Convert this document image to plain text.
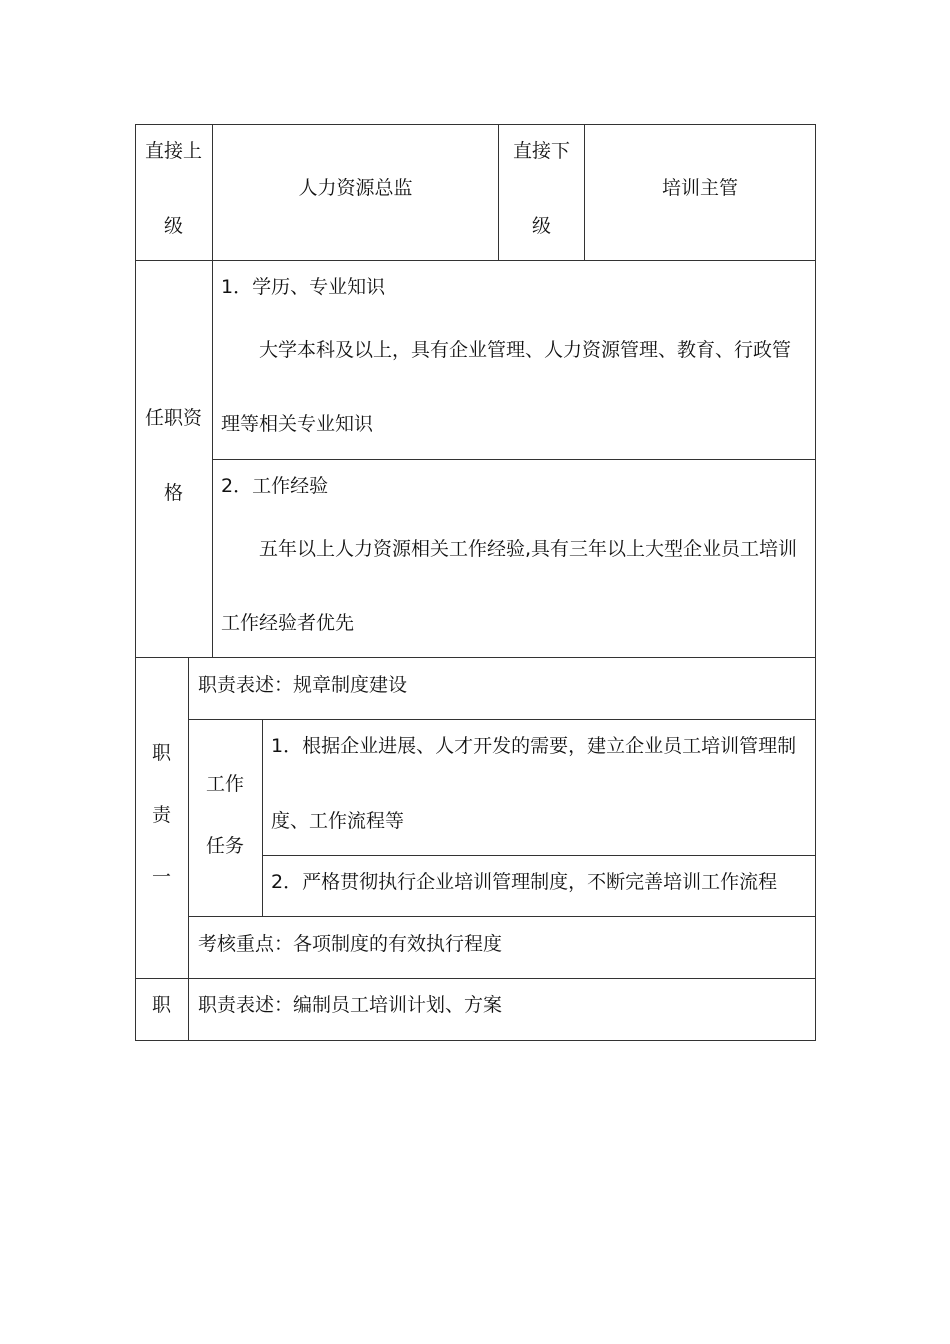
直接上
级
人力资源总监
直接下
级
培训主管
任职资
格
1．学历、专业知识
大学本科及以上，具有企业管理、人力资源管理、教育、行政管
理等相关专业知识
2．工作经验
五年以上人力资源相关工作经验,具有三年以上大型企业员工培训
工作经验者优先
职
责
一
职责表述：规章制度建设
工作
任务
1．根据企业进展、人才开发的需要，建立企业员工培训管理制
度、工作流程等
2．严格贯彻执行企业培训管理制度，不断完善培训工作流程
考核重点：各项制度的有效执行程度
职 职责表述：编制员工培训计划、方案
